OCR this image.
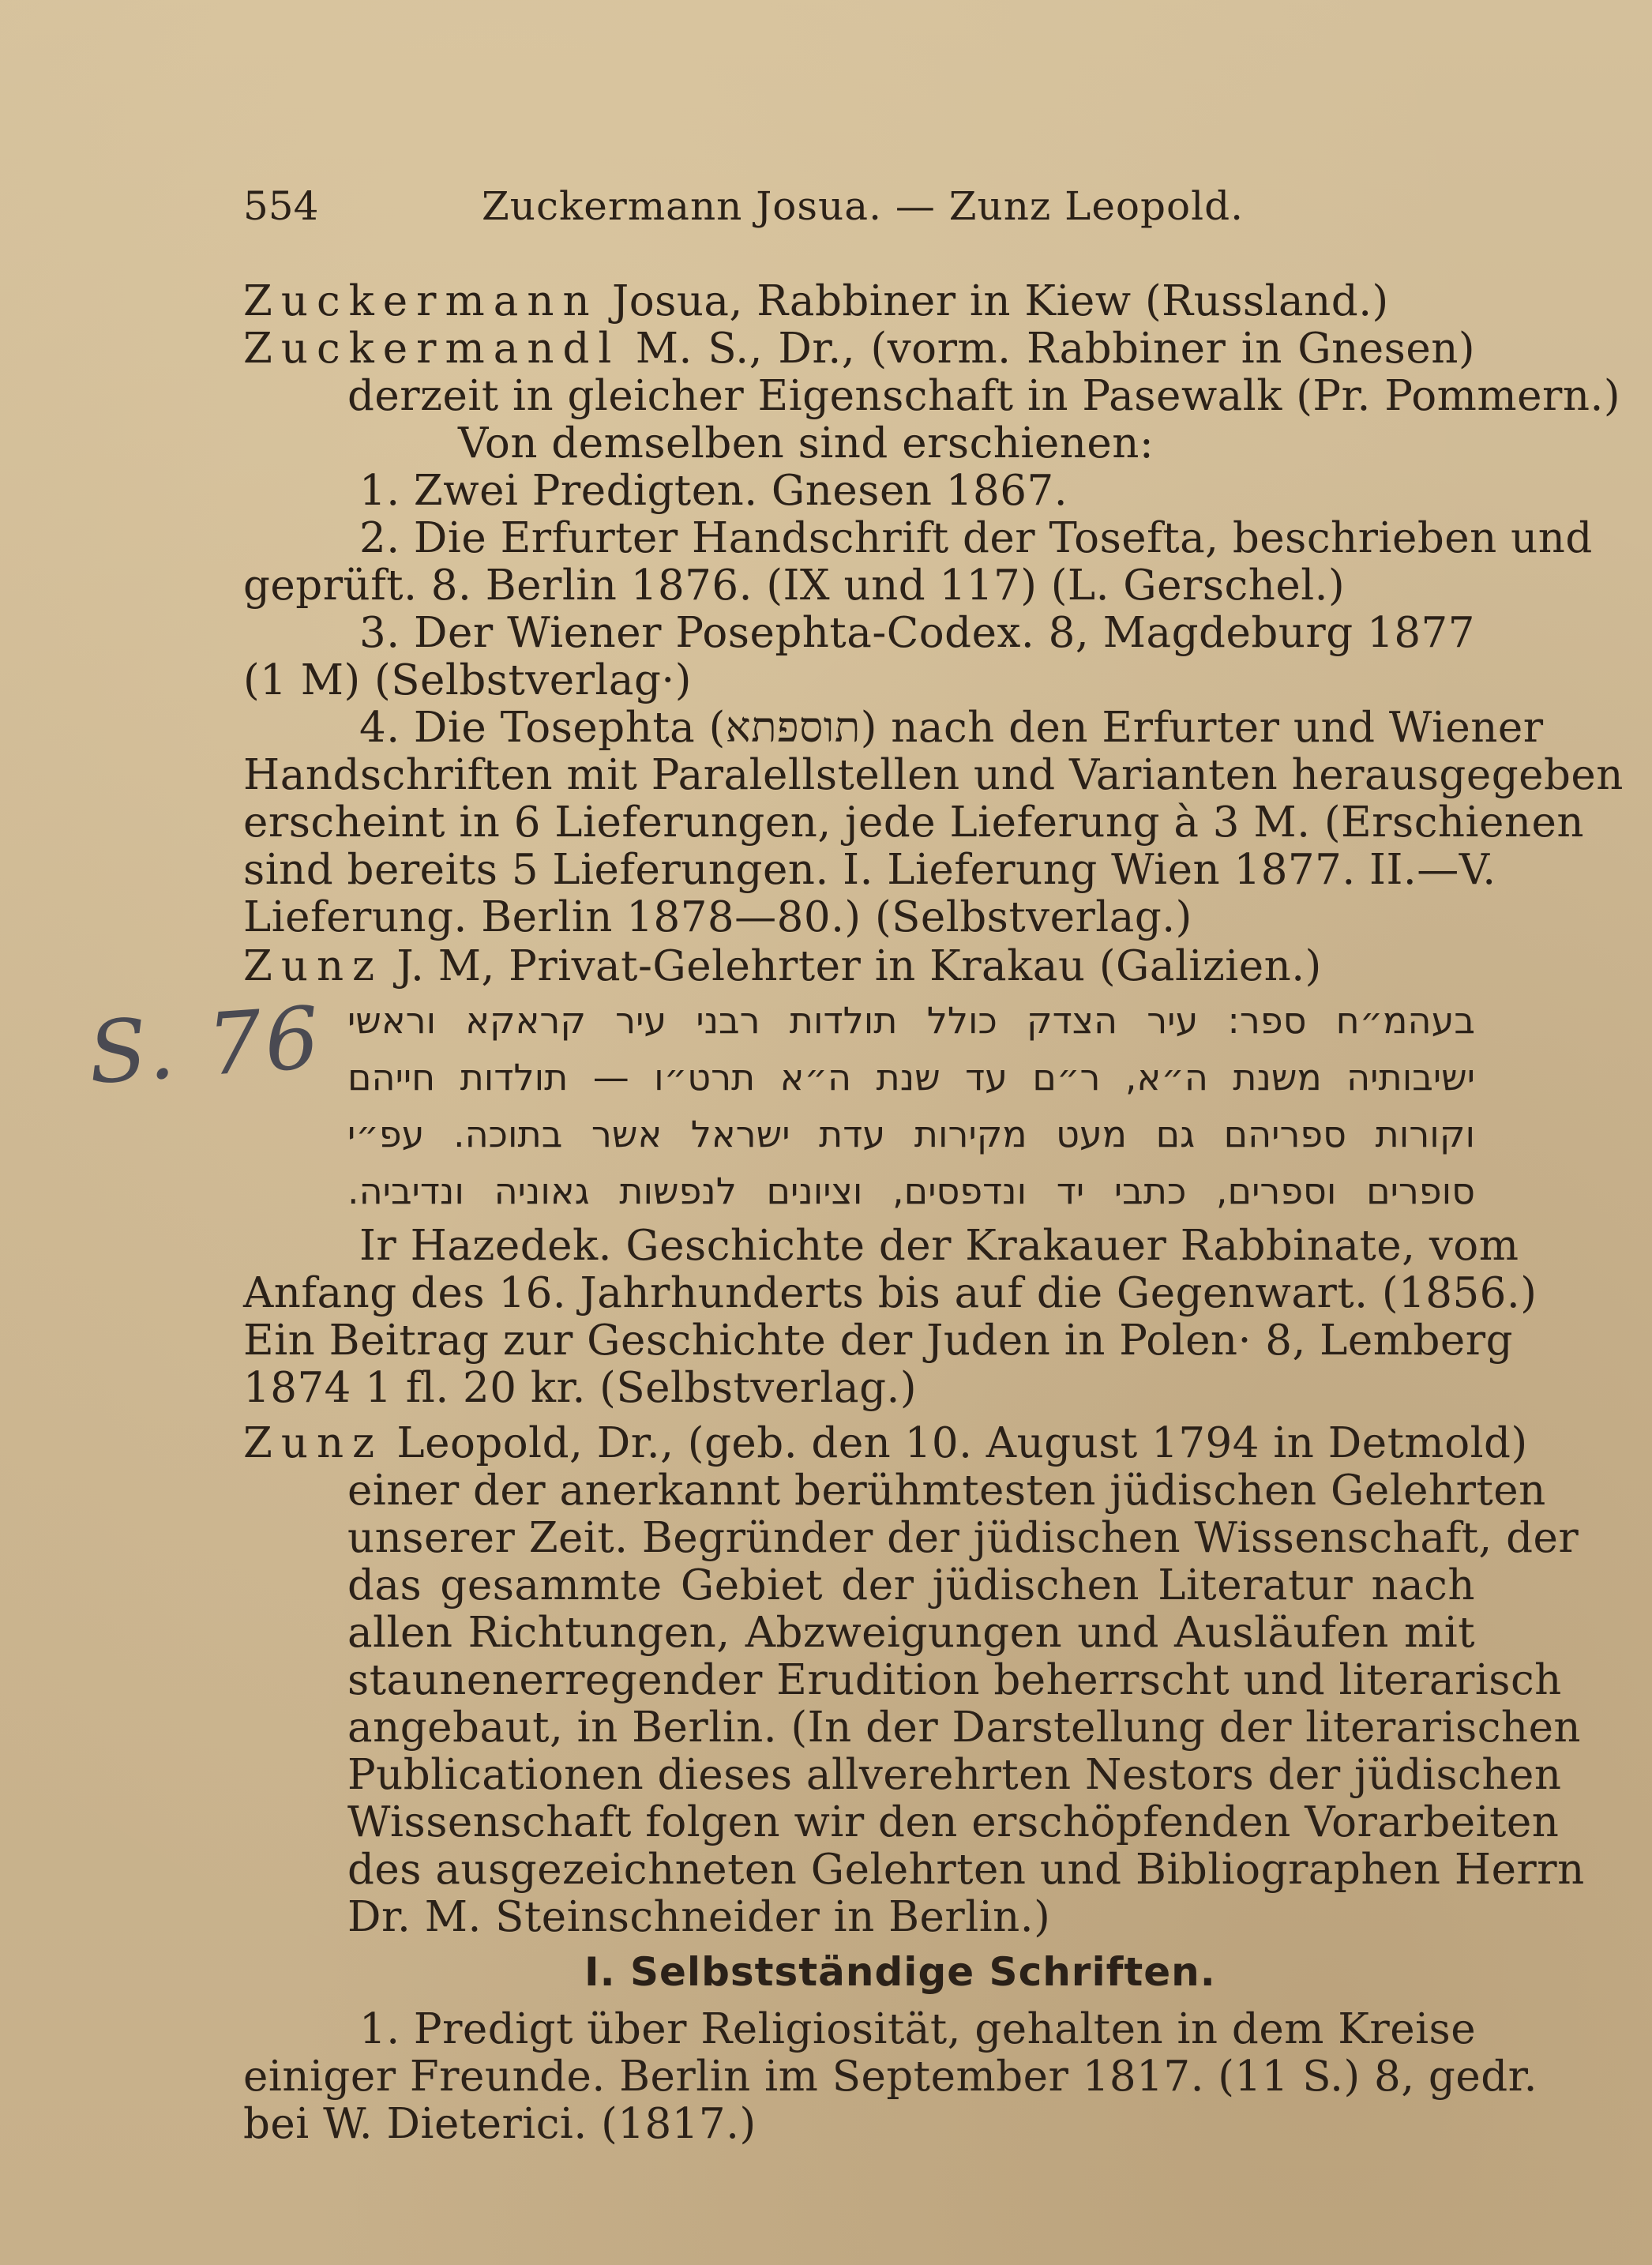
554	Zuckermann Josua. — Zunz Leopold.
Zuckermann Josua, Rabbiner in Kiew (Russland.)
Zuckermandl M. S., Dr., (vorm. Rabbiner in Gnesen)
derzeit in gleicher Eigenschaft in Pasewalk (Pr. Pommern.)
Von demselben sind erschienen:
1. Zwei Predigten. Gnesen 1867.
2. Die Erfurter Handschrift der Tosefta, beschrieben und
geprüft. 8. Berlin 1876. (IX und 117) (L. Gerschel.)
3. Der Wiener Posephta-Codex. 8, Magdeburg 1877
(1 M) (Selbstverlag·)
4. Die Tosephta (תוספתא) nach den Erfurter und Wiener
Handschriften mit Paralellstellen und Varianten herausgegeben
erscheint in 6 Lieferungen, jede Lieferung à 3 M. (Erschienen
sind bereits 5 Lieferungen. I. Lieferung Wien 1877. II.—V.
Lieferung. Berlin 1878—80.) (Selbstverlag.)
Zunz J. M, Privat-Gelehrter in Krakau (Galizien.)
בעהמ״ח ספר: עיר הצדק כולל תולדות רבני עיר קראקא וראשי
ישיבותיה משנת ה״א, ר״ם עד שנת ה״א תרט״ו — תולדות חייהם
וקורות ספריהם גם מעט מקירות עדת ישראל אשר בתוכה. עפ״י
סופרים וספרים, כתבי יד ונדפסים, וציונים לנפשות גאוניה ונדיביה.
Ir Hazedek. Geschichte der Krakauer Rabbinate, vom
Anfang des 16. Jahrhunderts bis auf die Gegenwart. (1856.)
Ein Beitrag zur Geschichte der Juden in Polen· 8, Lemberg
1874 1 fl. 20 kr. (Selbstverlag.)
Zunz Leopold, Dr., (geb. den 10. August 1794 in Detmold)
einer der anerkannt berühmtesten jüdischen Gelehrten
unserer Zeit. Begründer der jüdischen Wissenschaft, der
das gesammte Gebiet der jüdischen Literatur nach
allen Richtungen, Abzweigungen und Ausläufen mit
staunenerregender Erudition beherrscht und literarisch
angebaut, in Berlin. (In der Darstellung der literarischen
Publicationen dieses allverehrten Nestors der jüdischen
Wissenschaft folgen wir den erschöpfenden Vorarbeiten
des ausgezeichneten Gelehrten und Bibliographen Herrn
Dr. M. Steinschneider in Berlin.)
I. Selbstständige Schriften.
1. Predigt über Religiosität, gehalten in dem Kreise
einiger Freunde. Berlin im September 1817. (11 S.) 8, gedr.
bei W. Dieterici. (1817.)
S. 76
